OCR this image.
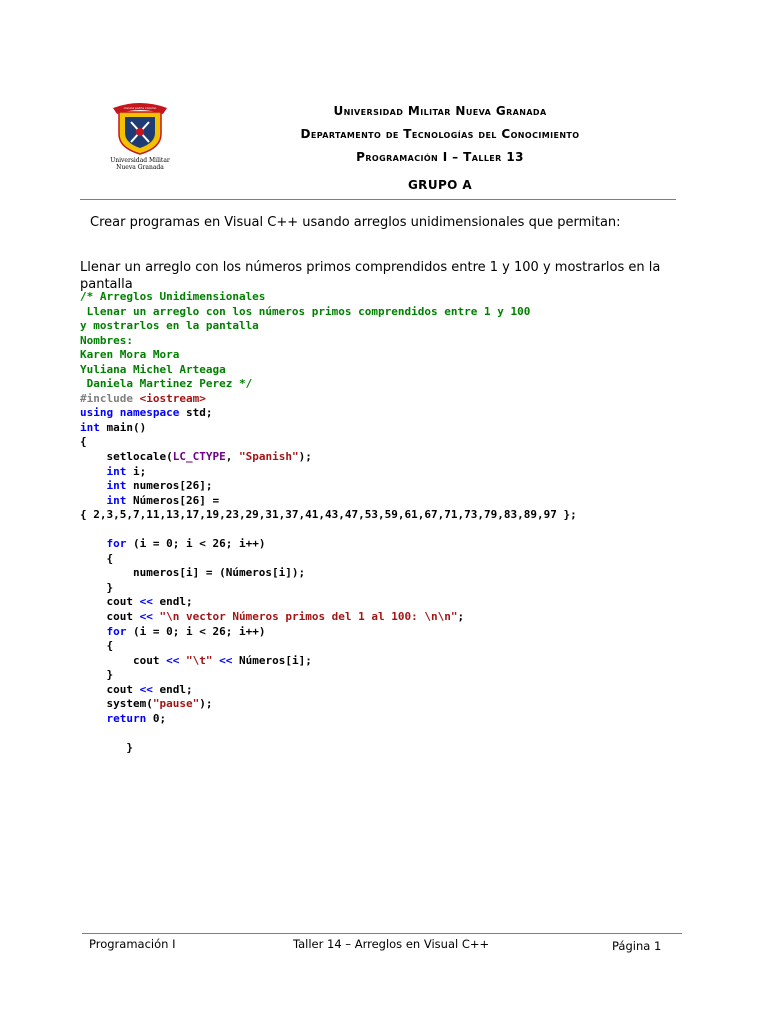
ciencia patria civismo
Universidad Militar
Nueva Granada
Universidad Militar Nueva Granada
Departamento de Tecnologías del Conocimiento
Programación I – Taller 13
GRUPO A
Crear programas en Visual C++ usando arreglos unidimensionales que permitan:
Llenar un arreglo con los números primos comprendidos entre 1 y 100 y mostrarlos en la pantalla
/* Arreglos Unidimensionales
Llenar un arreglo con los números primos comprendidos entre 1 y 100
y mostrarlos en la pantalla
Nombres:
Karen Mora Mora
Yuliana Michel Arteaga
Daniela Martinez Perez */
#include <iostream>
using namespace std;
int main()
{
setlocale(LC_CTYPE, "Spanish");
int i;
int numeros[26];
int Números[26] =
{ 2,3,5,7,11,13,17,19,23,29,31,37,41,43,47,53,59,61,67,71,73,79,83,89,97 };

for (i = 0; i < 26; i++)
{
numeros[i] = (Números[i]);
}
cout << endl;
cout << "\n vector Números primos del 1 al 100: \n\n";
for (i = 0; i < 26; i++)
{
cout << "\t" << Números[i];
}
cout << endl;
system("pause");
return 0;

}
Programación I	Taller 14 – Arreglos en Visual C++	Página 1
